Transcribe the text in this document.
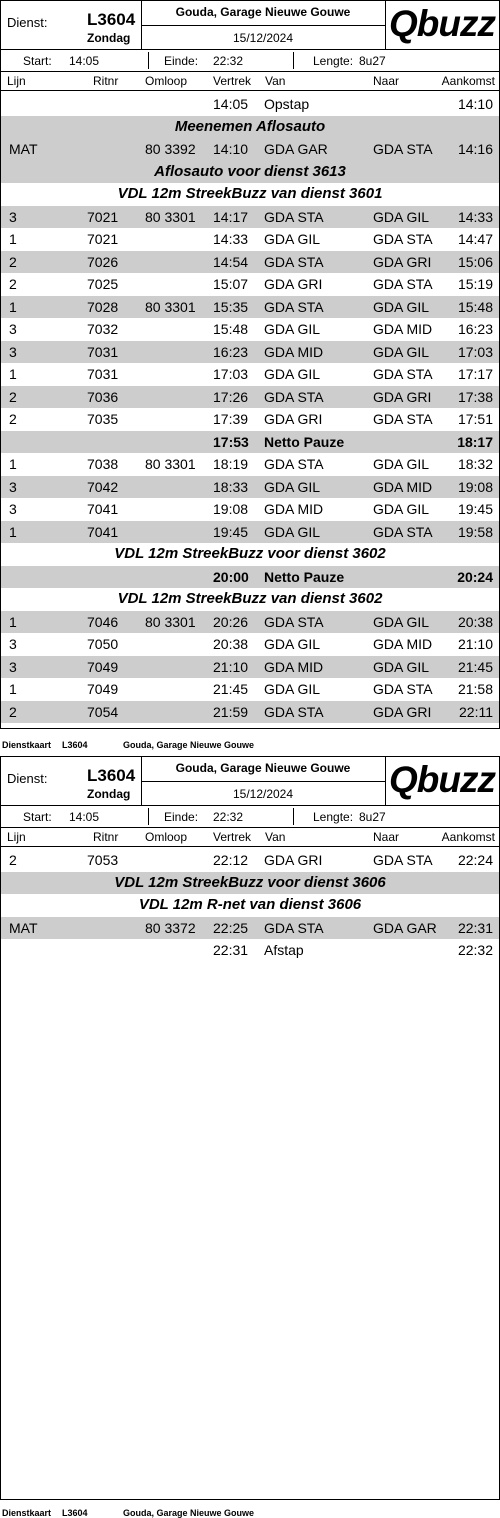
Dienst: L3604
Zondag
Gouda, Garage Nieuwe Gouwe
15/12/2024	Qbuzz
Start: 14:05	Einde: 22:32	Lengte: 8u27
Lijn	Ritnr Omloop Vertrek Van	Naar	Aankomst
14:05 Opstap	14:10
Meenemen Aflosauto
MAT	80 3392 14:10 GDA GAR	GDA STA 14:16
Aflosauto voor dienst 3613
VDL 12m StreekBuzz van dienst 3601
3	7021 80 3301 14:17 GDA STA	GDA GIL 14:33
1	7021	14:33 GDA GIL	GDA STA 14:47
2	7026	14:54 GDA STA	GDA GRI 15:06
2	7025	15:07 GDA GRI	GDA STA 15:19
1	7028 80 3301 15:35 GDA STA	GDA GIL 15:48
3	7032	15:48 GDA GIL	GDA MID 16:23
3	7031	16:23 GDA MID	GDA GIL 17:03
1	7031	17:03 GDA GIL	GDA STA 17:17
2	7036	17:26 GDA STA	GDA GRI 17:38
2	7035	17:39 GDA GRI	GDA STA 17:51
17:53 Netto Pauze	18:17
1	7038 80 3301 18:19 GDA STA	GDA GIL 18:32
3	7042	18:33 GDA GIL	GDA MID 19:08
3	7041	19:08 GDA MID	GDA GIL 19:45
1	7041	19:45 GDA GIL	GDA STA 19:58
VDL 12m StreekBuzz voor dienst 3602
20:00 Netto Pauze	20:24
VDL 12m StreekBuzz van dienst 3602
1	7046 80 3301 20:26 GDA STA	GDA GIL 20:38
3	7050	20:38 GDA GIL	GDA MID 21:10
3	7049	21:10 GDA MID	GDA GIL 21:45
1	7049	21:45 GDA GIL	GDA STA 21:58
2	7054	21:59 GDA STA	GDA GRI 22:11
Dienstkaart L3604	Gouda, Garage Nieuwe Gouwe
Dienst: L3604
Zondag
Gouda, Garage Nieuwe Gouwe
15/12/2024	Qbuzz
Start: 14:05	Einde: 22:32	Lengte: 8u27
Lijn	Ritnr Omloop Vertrek Van	Naar	Aankomst
2	7053	22:12 GDA GRI	GDA STA 22:24
VDL 12m StreekBuzz voor dienst 3606
VDL 12m R-net van dienst 3606
MAT	80 3372 22:25 GDA STA	GDA GAR 22:31
22:31 Afstap	22:32
Dienstkaart L3604	Gouda, Garage Nieuwe Gouwe
